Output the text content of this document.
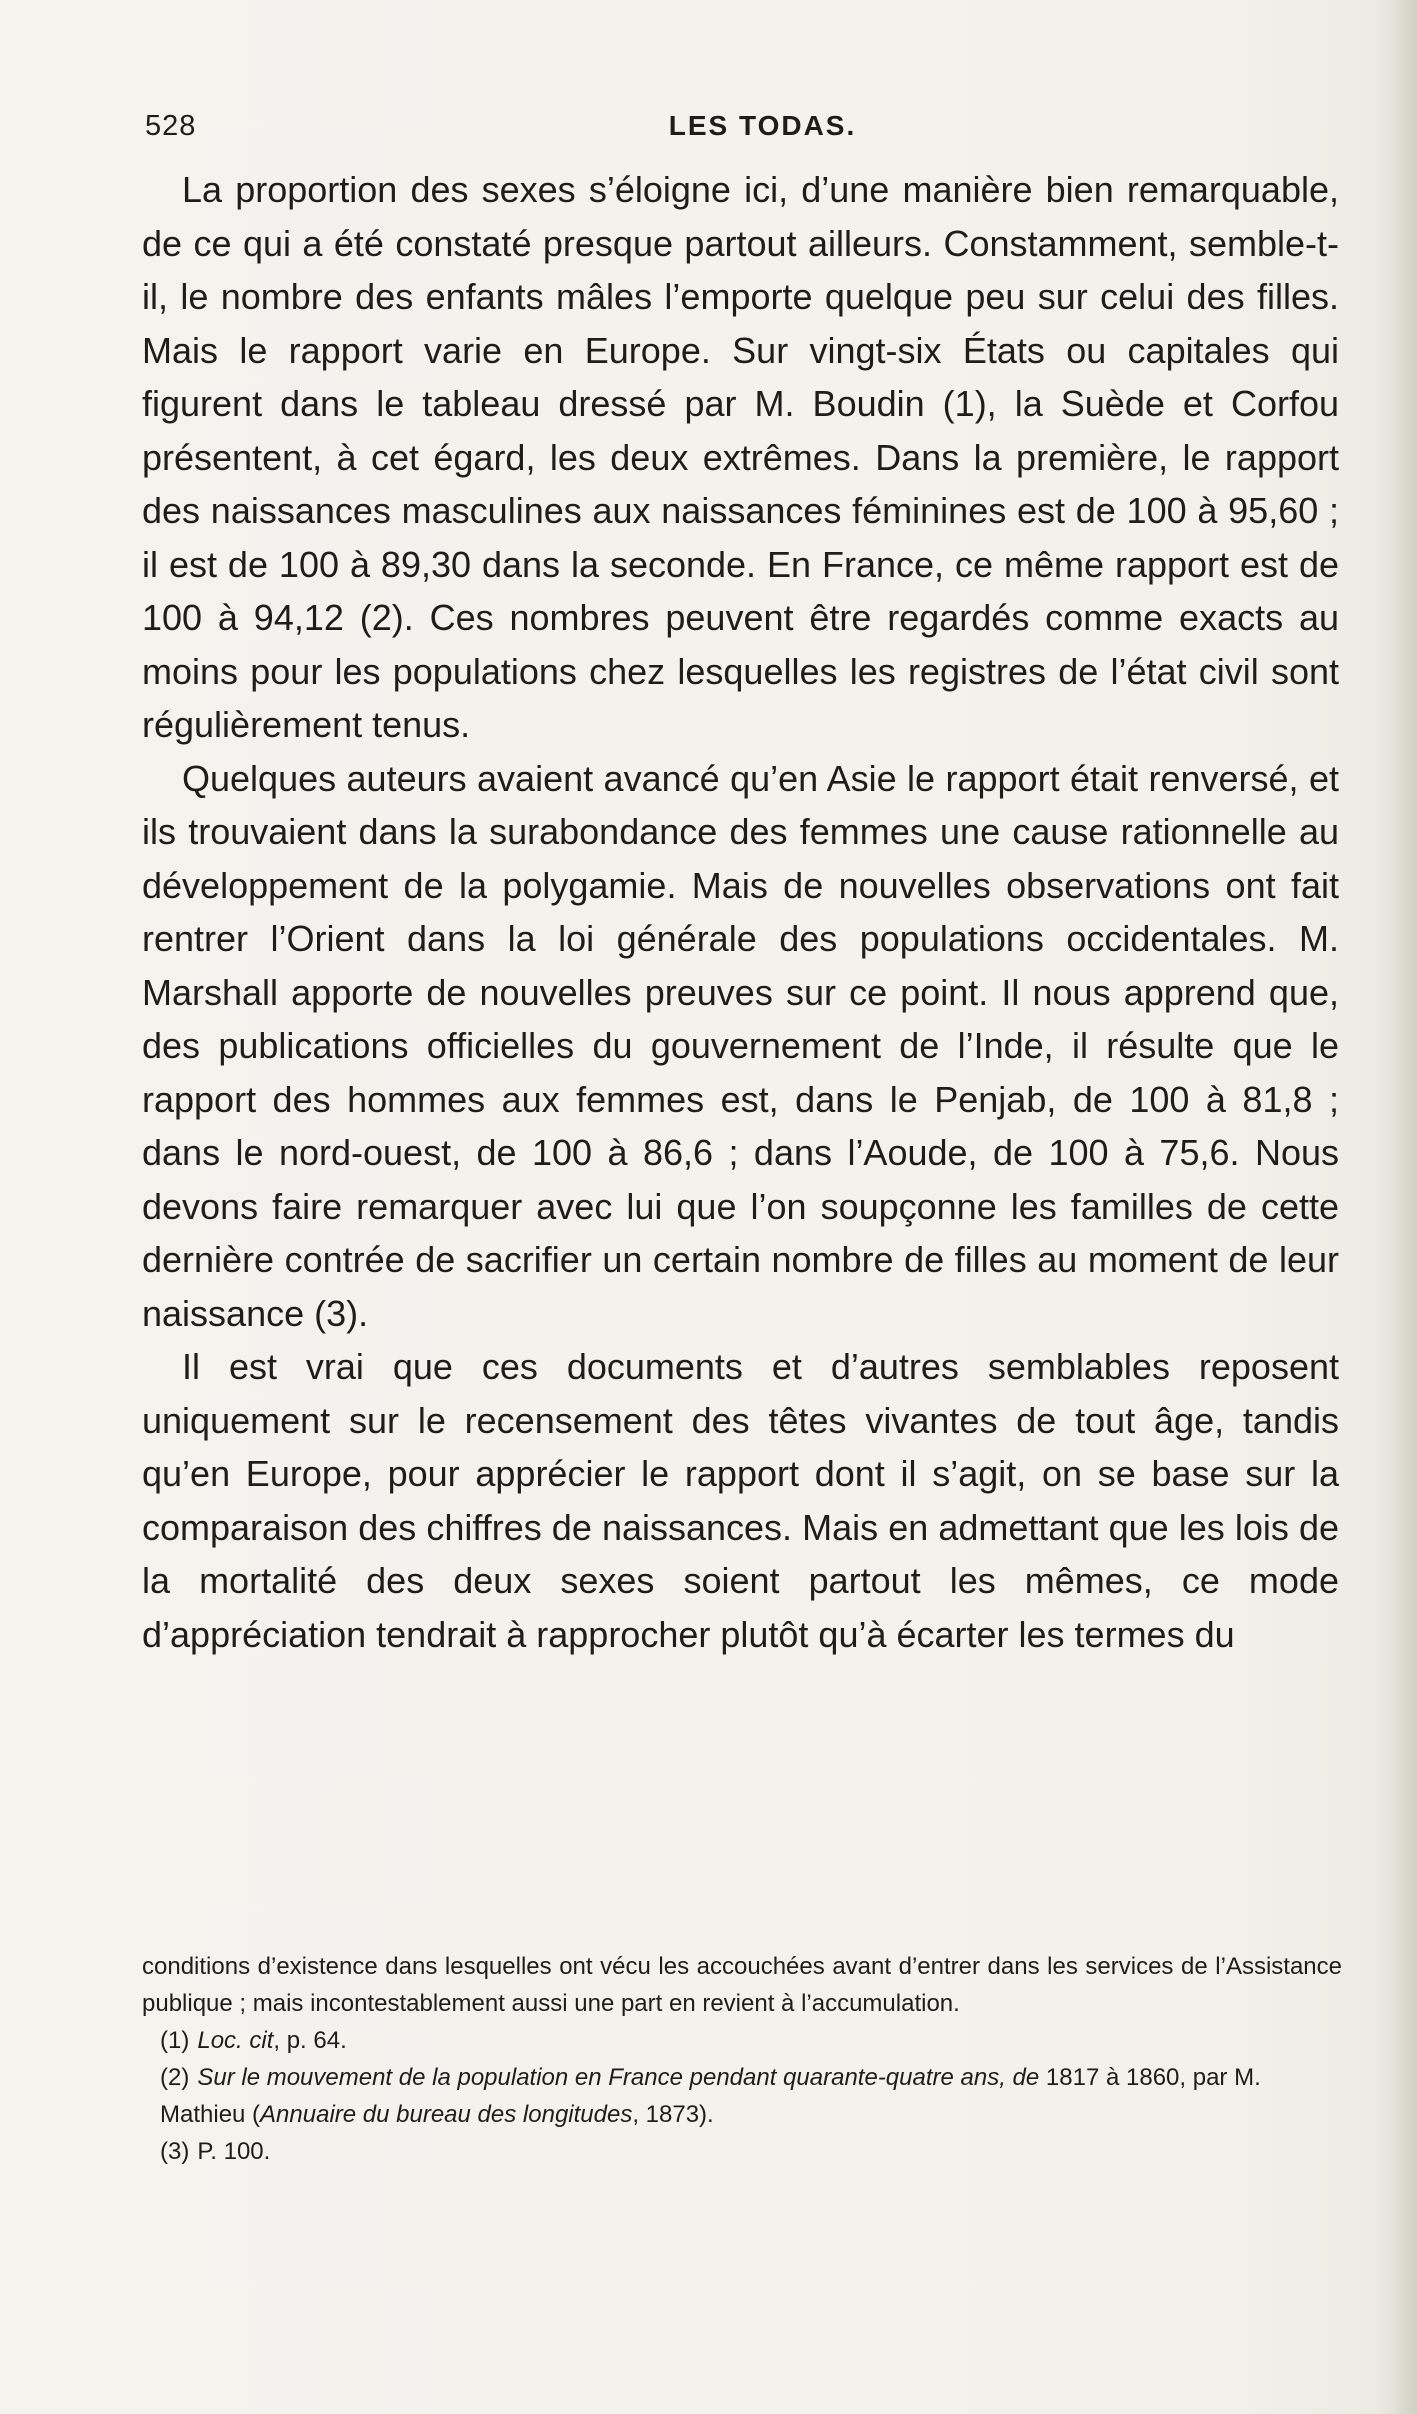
528	LES TODAS.

La proportion des sexes s’éloigne ici, d’une manière bien remarquable, de ce qui a été constaté presque partout ailleurs. Constamment, semble-t-il, le nombre des enfants mâles l’emporte quelque peu sur celui des filles. Mais le rapport varie en Europe. Sur vingt-six États ou capitales qui figurent dans le tableau dressé par M. Boudin (1), la Suède et Corfou présentent, à cet égard, les deux extrêmes. Dans la première, le rapport des naissances masculines aux naissances féminines est de 100 à 95,60 ; il est de 100 à 89,30 dans la seconde. En France, ce même rapport est de 100 à 94,12 (2). Ces nombres peuvent être regardés comme exacts au moins pour les populations chez lesquelles les registres de l’état civil sont régulièrement tenus.

Quelques auteurs avaient avancé qu’en Asie le rapport était renversé, et ils trouvaient dans la surabondance des femmes une cause rationnelle au développement de la polygamie. Mais de nouvelles observations ont fait rentrer l’Orient dans la loi générale des populations occidentales. M. Marshall apporte de nouvelles preuves sur ce point. Il nous apprend que, des publications officielles du gouvernement de l’Inde, il résulte que le rapport des hommes aux femmes est, dans le Penjab, de 100 à 81,8 ; dans le nord-ouest, de 100 à 86,6 ; dans l’Aoude, de 100 à 75,6. Nous devons faire remarquer avec lui que l’on soupçonne les familles de cette dernière contrée de sacrifier un certain nombre de filles au moment de leur naissance (3).

Il est vrai que ces documents et d’autres semblables reposent uniquement sur le recensement des têtes vivantes de tout âge, tandis qu’en Europe, pour apprécier le rapport dont il s’agit, on se base sur la comparaison des chiffres de naissances. Mais en admettant que les lois de la mortalité des deux sexes soient partout les mêmes, ce mode d’appréciation tendrait à rapprocher plutôt qu’à écarter les termes du

conditions d’existence dans lesquelles ont vécu les accouchées avant d’entrer dans les services de l’Assistance publique ; mais incontestablement aussi une part en revient à l’accumulation.

(1) Loc. cit, p. 64.

(2) Sur le mouvement de la population en France pendant quarante-quatre ans, de 1817 à 1860, par M. Mathieu (Annuaire du bureau des longitudes, 1873).

(3) P. 100.
